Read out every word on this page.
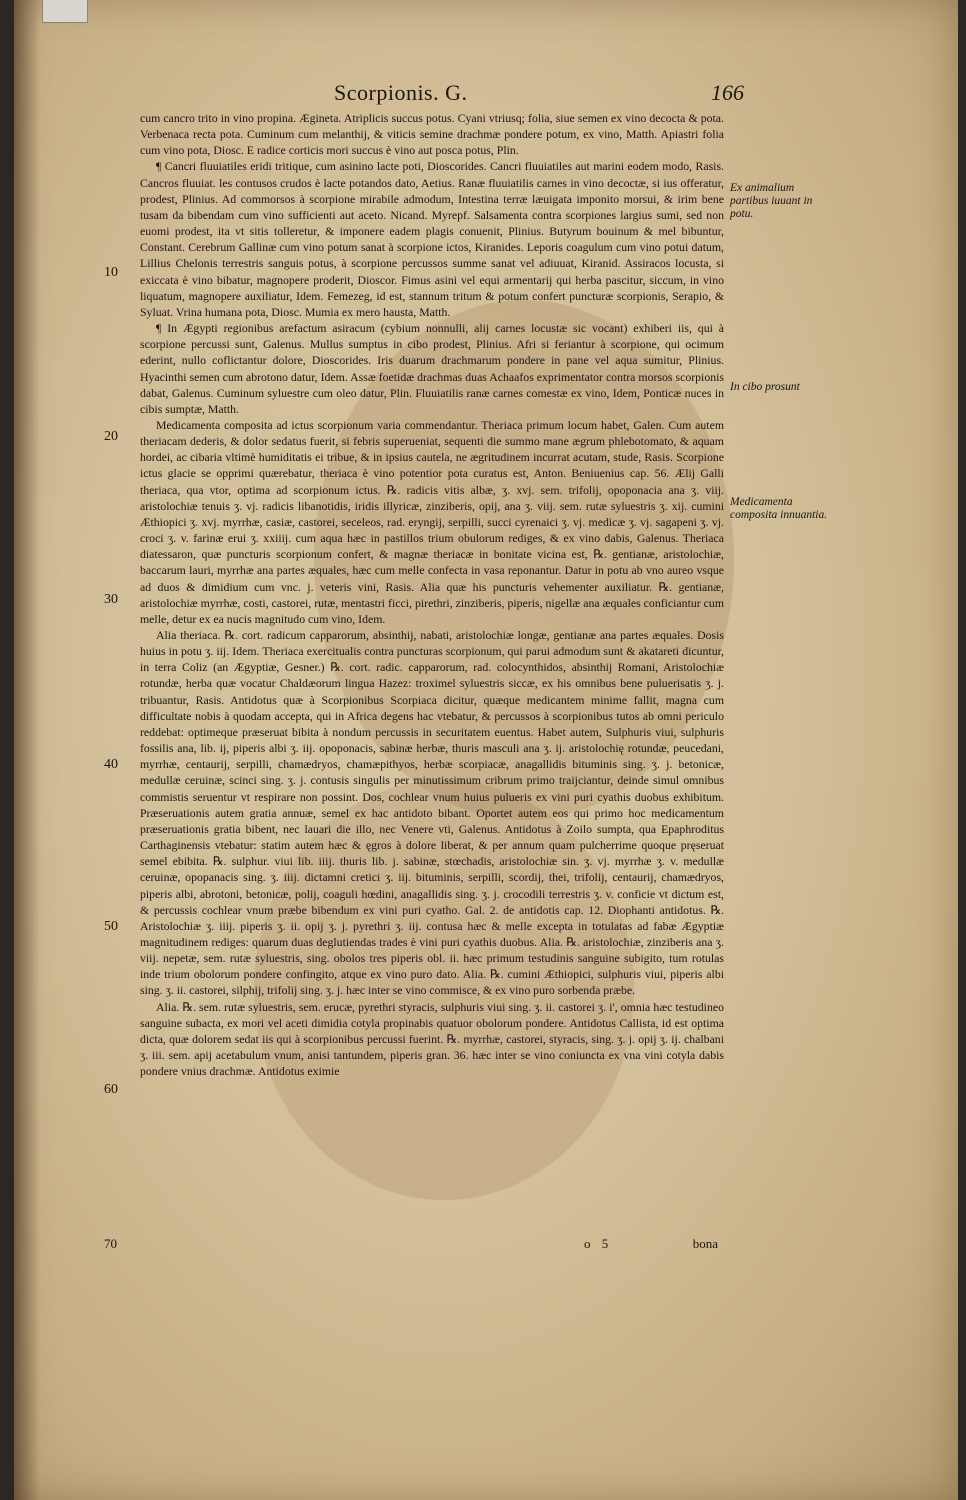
Scorpionis. G.	166
10
20
30
40
50
60

cum cancro trito in vino propina. Ægineta. Atriplicis succus potus. Cyani vtriusq; folia, siue semen ex vino decocta & pota. Verbenaca recta pota. Cuminum cum melanthij, & viticis semine drachmæ pondere potum, ex vino, Matth. Apiastri folia cum vino pota, Diosc. E radice corticis mori succus è vino aut posca potus, Plin.

¶ Cancri fluuiatiles eridi tritique, cum asinino lacte poti, Dioscorides. Cancri fluuiatiles aut marini eodem modo, Rasis. Cancros fluuiat. les contusos crudos è lacte potandos dato, Aetius. Ranæ fluuiatilis carnes in vino decoctæ, si ius offeratur, prodest, Plinius. Ad commorsos à scorpione mirabile admodum, Intestina terræ læuigata imponito morsui, & irim bene tusam da bibendam cum vino sufficienti aut aceto. Nicand. Myrepf. Salsamenta contra scorpiones largius sumi, sed non euomi prodest, ita vt sitis tolleretur, & imponere eadem plagis conuenit, Plinius. Butyrum bouinum & mel bibuntur, Constant. Cerebrum Gallinæ cum vino potum sanat à scorpione ictos, Kiranides. Leporis coagulum cum vino potui datum, Lillius Chelonis terrestris sanguis potus, à scorpione percussos summe sanat vel adiuuat, Kiranid. Assiracos locusta, si exiccata è vino bibatur, magnopere proderit, Dioscor. Fimus asini vel equi armentarij qui herba pascitur, siccum, in vino liquatum, magnopere auxiliatur, Idem. Femezeg, id est, stannum tritum & potum confert puncturæ scorpionis, Serapio, & Syluat. Vrina humana pota, Diosc. Mumia ex mero hausta, Matth.

¶ In Ægypti regionibus arefactum asiracum (cybium nonnulli, alij carnes locustæ sic vocant) exhiberi iis, qui à scorpione percussi sunt, Galenus. Mullus sumptus in cibo prodest, Plinius. Afri si feriantur à scorpione, qui ocimum ederint, nullo coflictantur dolore, Dioscorides. Iris duarum drachmarum pondere in pane vel aqua sumitur, Plinius. Hyacinthi semen cum abrotono datur, Idem. Assæ foetidæ drachmas duas Achaafos exprimentator contra morsos scorpionis dabat, Galenus. Cuminum syluestre cum oleo datur, Plin. Fluuiatilis ranæ carnes comestæ ex vino, Idem, Ponticæ nuces in cibis sumptæ, Matth.

Medicamenta composita ad ictus scorpionum varia commendantur. Theriaca primum locum habet, Galen. Cum autem theriacam dederis, & dolor sedatus fuerit, si febris superueniat, sequenti die summo mane ægrum phlebotomato, & aquam hordei, ac cibaria vltimè humiditatis ei tribue, & in ipsius cautela, ne ægritudinem incurrat acutam, stude, Rasis. Scorpione ictus glacie se opprimi quærebatur, theriaca è vino potentior pota curatus est, Anton. Beniuenius cap. 56. Ælij Galli theriaca, qua vtor, optima ad scorpionum ictus. ℞. radicis vitis albæ, ʒ. xvj. sem. trifolij, opoponacia ana ʒ. viij. aristolochiæ tenuis ʒ. vj. radicis libanotidis, iridis illyricæ, zinziberis, opij, ana ʒ. viij. sem. rutæ syluestris ʒ. xij. cumini Æthiopici ʒ. xvj. myrrhæ, casiæ, castorei, seceleos, rad. eryngij, serpilli, succi cyrenaici ʒ. vj. medicæ ʒ. vj. sagapeni ʒ. vj. croci ʒ. v. farinæ erui ʒ. xxiiij. cum aqua hæc in pastillos trium obulorum rediges, & ex vino dabis, Galenus. Theriaca diatessaron, quæ puncturis scorpionum confert, & magnæ theriacæ in bonitate vicina est, ℞. gentianæ, aristolochiæ, baccarum lauri, myrrhæ ana partes æquales, hæc cum melle confecta in vasa reponantur. Datur in potu ab vno aureo vsque ad duos & dimidium cum vnc. j. veteris vini, Rasis. Alia quæ his puncturis vehementer auxiliatur. ℞. gentianæ, aristolochiæ myrrhæ, costi, castorei, rutæ, mentastri ficci, pirethri, zinziberis, piperis, nigellæ ana æquales conficiantur cum melle, detur ex ea nucis magnitudo cum vino, Idem.

Alia theriaca. ℞. cort. radicum capparorum, absinthij, nabati, aristolochiæ longæ, gentianæ ana partes æquales. Dosis huius in potu ʒ. iij. Idem. Theriaca exercitualis contra puncturas scorpionum, qui parui admodum sunt & akatareti dicuntur, in terra Coliz (an Ægyptiæ, Gesner.) ℞. cort. radic. capparorum, rad. colocynthidos, absinthij Romani, Aristolochiæ rotundæ, herba quæ vocatur Chaldæorum lingua Hazez: troximel syluestris siccæ, ex his omnibus bene puluerisatis ʒ. j. tribuantur, Rasis. Antidotus quæ à Scorpionibus Scorpiaca dicitur, quæque medicantem minime fallit, magna cum difficultate nobis à quodam accepta, qui in Africa degens hac vtebatur, & percussos à scorpionibus tutos ab omni periculo reddebat: optimeque præseruat bibita à nondum percussis in securitatem euentus. Habet autem, Sulphuris viui, sulphuris fossilis ana, lib. ij, piperis albi ʒ. iij. opoponacis, sabinæ herbæ, thuris masculi ana ʒ. ij. aristolochię rotundæ, peucedani, myrrhæ, centaurij, serpilli, chamædryos, chamæpithyos, herbæ scorpiacæ, anagallidis bituminis sing. ʒ. j. betonicæ, medullæ ceruinæ, scinci sing. ʒ. j. contusis singulis per minutissimum cribrum primo traijciantur, deinde simul omnibus commistis seruentur vt respirare non possint. Dos, cochlear vnum huius pulueris ex vini puri cyathis duobus exhibitum. Præseruationis autem gratia annuæ, semel ex hac antidoto bibant. Oportet autem eos qui primo hoc medicamentum præseruationis gratia bibent, nec lauari die illo, nec Venere vti, Galenus. Antidotus à Zoilo sumpta, qua Epaphroditus Carthaginensis vtebatur: statim autem hæc & ęgros à dolore liberat, & per annum quam pulcherrime quoque pręseruat semel ebibita. ℞. sulphur. viui lib. iiij. thuris lib. j. sabinæ, stœchadis, aristolochiæ sin. ʒ. vj. myrrhæ ʒ. v. medullæ ceruinæ, opopanacis sing. ʒ. iiij. dictamni cretici ʒ. iij. bituminis, serpilli, scordij, thei, trifolij, centaurij, chamædryos, piperis albi, abrotoni, betonicæ, polij, coaguli hœdini, anagallidis sing. ʒ. j. crocodili terrestris ʒ. v. conficie vt dictum est, & percussis cochlear vnum præbe bibendum ex vini puri cyatho. Gal. 2. de antidotis cap. 12. Diophanti antidotus. ℞. Aristolochiæ ʒ. iiij. piperis ʒ. ii. opij ʒ. j. pyrethri ʒ. iij. contusa hæc & melle excepta in totulatas ad fabæ Ægyptiæ magnitudinem rediges: quarum duas deglutiendas trades è vini puri cyathis duobus. Alia. ℞. aristolochiæ, zinziberis ana ʒ. viij. nepetæ, sem. rutæ syluestris, sing. obolos tres piperis obl. ii. hæc primum testudinis sanguine subigito, tum rotulas inde trium obolorum pondere confingito, atque ex vino puro dato. Alia. ℞. cumini Æthiopici, sulphuris viui, piperis albi sing. ʒ. ii. castorei, silphij, trifolij sing. ʒ. j. hæc inter se vino commisce, & ex vino puro sorbenda præbe.

Alia. ℞. sem. rutæ syluestris, sem. erucæ, pyrethri styracis, sulphuris viui sing. ʒ. ii. castorei ʒ. i', omnia hæc testudineo sanguine subacta, ex mori vel aceti dimidia cotyla propinabis quatuor obolorum pondere. Antidotus Callista, id est optima dicta, quæ dolorem sedat iis qui à scorpionibus percussi fuerint. ℞. myrrhæ, castorei, styracis, sing. ʒ. j. opij ʒ. ij. chalbani ʒ. iii. sem. apij acetabulum vnum, anisi tantundem, piperis gran. 36. hæc inter se vino coniuncta ex vna vini cotyla dabis pondere vnius drachmæ. Antidotus eximie

Ex animalium partibus iuuant in potu.
In cibo prosunt
Medicamenta composita innuantia.
70	o 5	bona
